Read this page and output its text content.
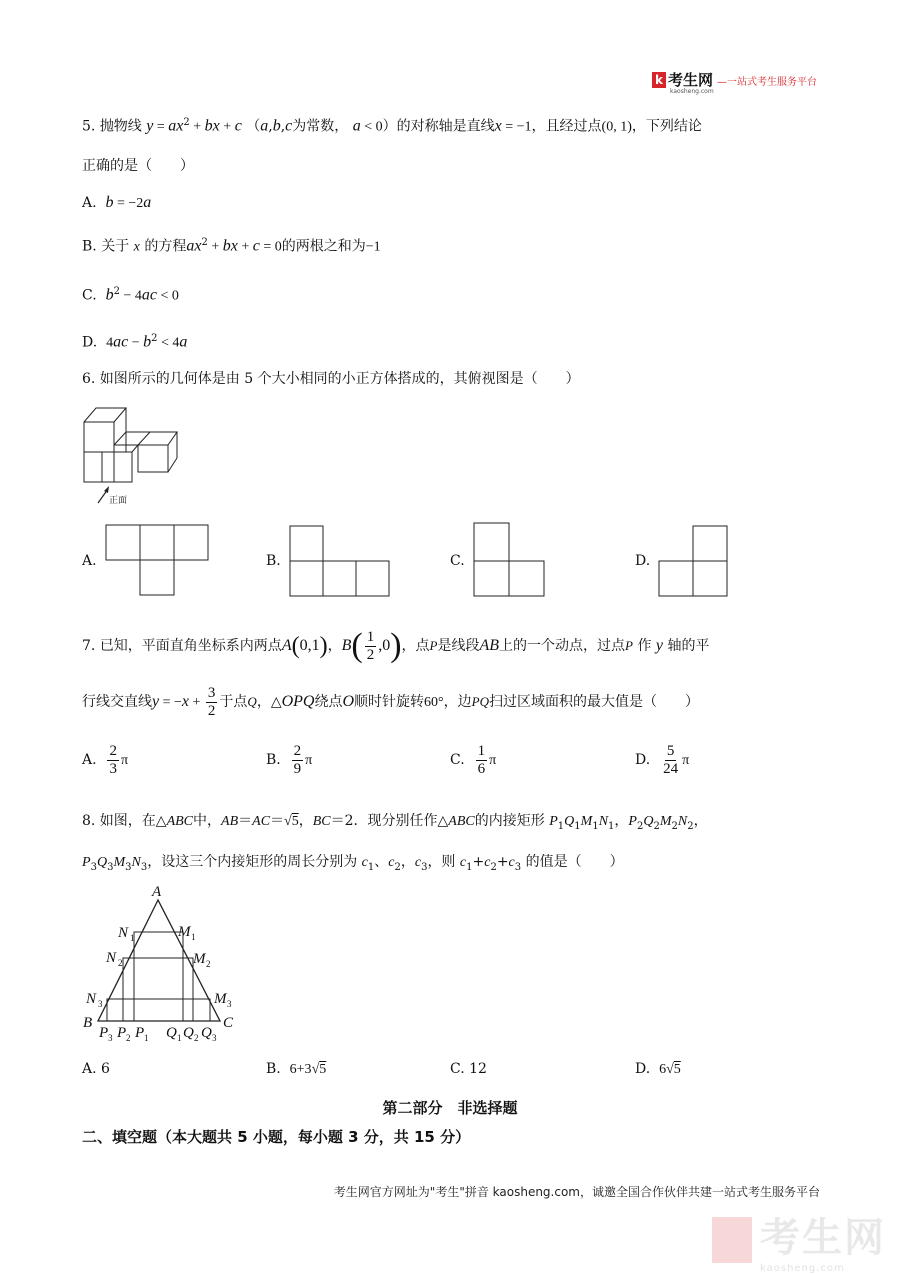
k 考生网 —一站式考生服务平台
kaosheng.com
5. 抛物线 $y = ax^2$ + bx + c （a,b,c为常数， a < 0）的对称轴是直线x = −1，且经过点(0, 1)，下列结论
正确的是（　　）
A. b = −2a
B. 关于 x 的方程$ax^2$ + bx + c = 0的两根之和为−1
C. $b^2 - 4ac < 0$
D. $4ac - b^2 < 4a$
6. 如图所示的几何体是由 5 个大小相同的小正方体搭成的，其俯视图是（　　）
正面
A.	B.	C.	D.
7. 已知，平面直角坐标系内两点A(0,1)，$B( \frac{1}{2} ,0)$，点P是线段AB上的一个动点，过点P 作 y 轴的平
行线交直线$y = -x + \frac{3}{2}$ 于点Q，△OPQ绕点O顺时针旋转60°，边PQ扫过区域面积的最大值是（　　）
A. $\frac{2}{3}$ π	B. $\frac{2}{9}$ π	C. $\frac{1}{6}$ π	D. $\frac{5}{24}$ π
8. 如图，在△ABC中，AB＝AC＝√5，BC＝2．现分别任作△ABC的内接矩形 $P_1Q_1M_1N_1$，$P_2Q_2M_2N_2$，
$P_3Q_3M_3N_3$，设这三个内接矩形的周长分别为 $c_1$、$c_2$，$c_3$，则 $c_1+c_2+c_3$ 的值是（　　）
A
B	C
N 1
N 2
N 3
M 1
M 2
M 3
P 3 P 2 P 1 Q 1 Q 2 Q 3
A. 6	B. 6+3√5	C. 12	D. 6√5
第二部分　非选择题
二、填空题（本大题共 5 小题，每小题 3 分，共 15 分）
考生网官方网址为"考生"拼音 kaosheng.com，诚邀全国合作伙伴共建一站式考生服务平台
考生网
kaosheng.com
